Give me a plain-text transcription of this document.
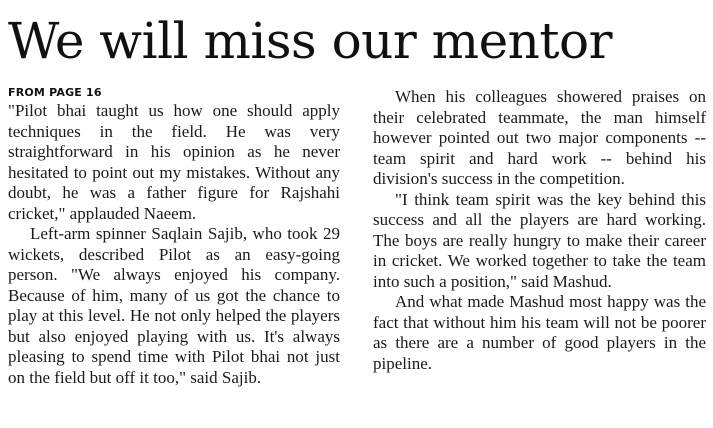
We will miss our mentor
FROM PAGE 16

"Pilot bhai taught us how one should apply techniques in the field. He was very straightforward in his opinion as he never hesitated to point out my mistakes. Without any doubt, he was a father figure for Rajshahi cricket," applauded Naeem.

Left-arm spinner Saqlain Sajib, who took 29 wickets, described Pilot as an easy-going person. "We always enjoyed his company. Because of him, many of us got the chance to play at this level. He not only helped the players but also enjoyed playing with us. It's always pleasing to spend time with Pilot bhai not just on the field but off it too," said Sajib.

When his colleagues showered praises on their celebrated teammate, the man himself however pointed out two major components -- team spirit and hard work -- behind his division's success in the competition.

"I think team spirit was the key behind this success and all the players are hard working. The boys are really hungry to make their career in cricket. We worked together to take the team into such a position," said Mashud.

And what made Mashud most happy was the fact that without him his team will not be poorer as there are a number of good players in the pipeline.
